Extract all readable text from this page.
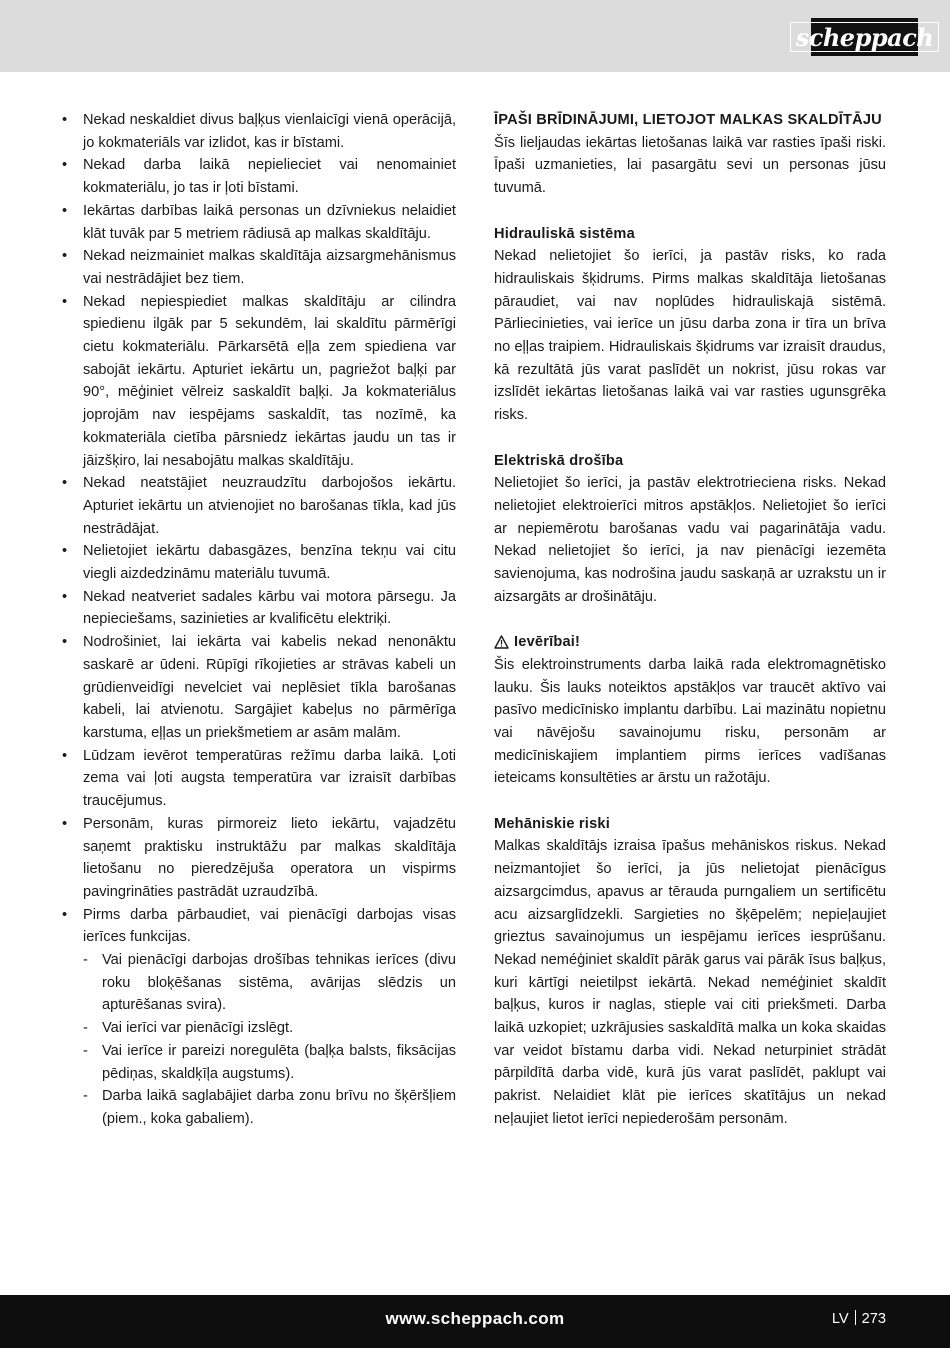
scheppach
• Nekad neskaldiet divus baļķus vienlaicīgi vienā operācijā, jo kokmateriāls var izlidot, kas ir bīstami.
• Nekad darba laikā nepielieciet vai nenomainiet kokmateriālu, jo tas ir ļoti bīstami.
• Iekārtas darbības laikā personas un dzīvniekus nelaidiet klāt tuvāk par 5 metriem rādiusā ap malkas skaldītāju.
• Nekad neizmainiet malkas skaldītāja aizsargmehānismus vai nestrādājiet bez tiem.
• Nekad nepiespiediet malkas skaldītāju ar cilindra spiedienu ilgāk par 5 sekundēm, lai skaldītu pārmērīgi cietu kokmateriālu. Pārkarsētā eļļa zem spiediena var sabojāt iekārtu. Apturiet iekārtu un, pagriežot baļķi par 90°, mēģiniet vēlreiz saskaldīt baļķi. Ja kokmateriālus joprojām nav iespējams saskaldīt, tas nozīmē, ka kokmateriāla cietība pārsniedz iekārtas jaudu un tas ir jāizšķiro, lai nesabojātu malkas skaldītāju.
• Nekad neatstājiet neuzraudzītu darbojošos iekārtu. Apturiet iekārtu un atvienojiet no barošanas tīkla, kad jūs nestrādājat.
• Nelietojiet iekārtu dabasgāzes, benzīna tekņu vai citu viegli aizdedzināmu materiālu tuvumā.
• Nekad neatveriet sadales kārbu vai motora pārsegu. Ja nepieciešams, sazinieties ar kvalificētu elektriķi.
• Nodrošiniet, lai iekārta vai kabelis nekad nenonāktu saskarē ar ūdeni. Rūpīgi rīkojieties ar strāvas kabeli un grūdienveidīgi nevelciet vai neplēsiet tīkla barošanas kabeli, lai atvienotu. Sargājiet kabeļus no pārmērīga karstuma, eļļas un priekšmetiem ar asām malām.
• Lūdzam ievērot temperatūras režīmu darba laikā. Ļoti zema vai ļoti augsta temperatūra var izraisīt darbības traucējumus.
• Personām, kuras pirmoreiz lieto iekārtu, vajadzētu saņemt praktisku instruktāžu par malkas skaldītāja lietošanu no pieredzējuša operatora un vispirms pavingrināties pastrādāt uzraudzībā.
• Pirms darba pārbaudiet, vai pienācīgi darbojas visas ierīces funkcijas.
- Vai pienācīgi darbojas drošības tehnikas ierīces (divu roku bloķēšanas sistēma, avārijas slēdzis un apturēšanas svira).
- Vai ierīci var pienācīgi izslēgt.
- Vai ierīce ir pareizi noregulēta (baļķa balsts, fiksācijas pēdiņas, skaldķīļa augstums).
- Darba laikā saglabājiet darba zonu brīvu no šķēršļiem (piem., koka gabaliem).
ĪPAŠI BRĪDINĀJUMI, LIETOJOT MALKAS SKALDĪTĀJU

Šīs lieljaudas iekārtas lietošanas laikā var rasties īpaši riski. Īpaši uzmanieties, lai pasargātu sevi un personas jūsu tuvumā.

Hidrauliskā sistēma

Nekad nelietojiet šo ierīci, ja pastāv risks, ko rada hidrauliskais šķidrums. Pirms malkas skaldītāja lietošanas pāraudiet, vai nav noplūdes hidrauliskajā sistēmā. Pārliecinieties, vai ierīce un jūsu darba zona ir tīra un brīva no eļļas traipiem. Hidrauliskais šķidrums var izraisīt draudus, kā rezultātā jūs varat paslīdēt un nokrist, jūsu rokas var izslīdēt iekārtas lietošanas laikā vai var rasties ugunsgrēka risks.

Elektriskā drošība

Nelietojiet šo ierīci, ja pastāv elektrotrieciena risks. Nekad nelietojiet elektroierīci mitros apstākļos. Nelietojiet šo ierīci ar nepiemērotu barošanas vadu vai pagarinātāja vadu. Nekad nelietojiet šo ierīci, ja nav pienācīgi iezemēta savienojuma, kas nodrošina jaudu saskaņā ar uzrakstu un ir aizsargāts ar drošinātāju.

Ievērībai!

Šis elektroinstruments darba laikā rada elektromagnētisko lauku. Šis lauks noteiktos apstākļos var traucēt aktīvo vai pasīvo medicīnisko implantu darbību. Lai mazinātu nopietnu vai nāvējošu savainojumu risku, personām ar medicīniskajiem implantiem pirms ierīces vadīšanas ieteicams konsultēties ar ārstu un ražotāju.

Mehāniskie riski

Malkas skaldītājs izraisa īpašus mehāniskos riskus. Nekad neizmantojiet šo ierīci, ja jūs nelietojat pienācīgus aizsargcimdus, apavus ar tērauda purngaliem un sertificētu acu aizsarglīdzekli. Sargieties no šķēpelēm; nepieļaujiet grieztus savainojumus un iespējamu ierīces iesprūšanu. Nekad neméģiniet skaldīt pārāk garus vai pārāk īsus baļķus, kuri kārtīgi neietilpst iekārtā. Nekad neméģiniet skaldīt baļķus, kuros ir naglas, stieple vai citi priekšmeti. Darba laikā uzkopiet; uzkrājusies saskaldītā malka un koka skaidas var veidot bīstamu darba vidi. Nekad neturpiniet strādāt pārpildītā darba vidē, kurā jūs varat paslīdēt, paklupt vai pakrist. Nelaidiet klāt pie ierīces skatītājus un nekad neļaujiet lietot ierīci nepiederošām personām.

www.scheppach.com	LV 273
